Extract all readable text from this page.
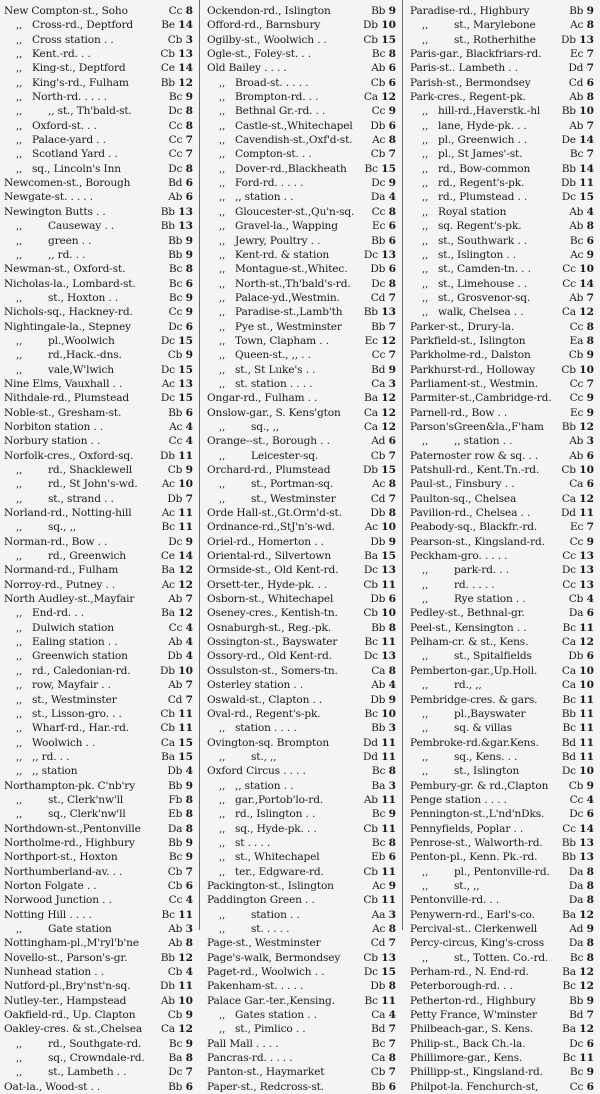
New Compton-st., Soho	Cc 8
,, Cross-rd., Deptford	Be 14
,, Cross station . .	Cb 3
,, Kent.-rd. . .	Cb 13
,, King-st., Deptford	Ce 14
,, King's-rd., Fulham	Bb 12
,, North-rd. . . . .	Bc 9
,,	,, st., Th'bald-st.	Dc 8
,, Oxford-st. . .	Cc 8
,, Palace-yard . .	Cc 7
,, Scotland Yard . .	Cc 7
,, sq., Lincoln's Inn	Dc 8
Newcomen-st., Borough	Bd 6
Newgate-st. . . . .	Ab 6
Newington Butts . .	Bb 13
,,	Causeway . .	Bb 13
,,	green . .	Bb 9
,,	,, rd. . .	Bb 9
Newman-st., Oxford-st.	Bc 8
Nicholas-la., Lombard-st.	Bc 6
,,	st., Hoxton . .	Bc 9
Nichols-sq., Hackney-rd.	Cc 9
Nightingale-la., Stepney	Dc 6
,,	pl.,Woolwich	Dc 15
,,	rd.,Hack.-dns.	Cb 9
,,	vale,W'lwich	Dc 15
Nine Elms, Vauxhall . .	Ac 13
Nithdale-rd., Plumstead	Dc 15
Noble-st., Gresham-st.	Bb 6
Norbiton station . .	Ac 4
Norbury station . .	Cc 4
Norfolk-cres., Oxford-sq.	Db 11
,,	rd., Shacklewell	Cb 9
,,	rd., St John's-wd.	Ac 10
,,	st., strand . .	Db 7
Norland-rd., Notting-hill	Ac 11
,,	sq., ,,	Bc 11
Norman-rd., Bow . .	Dc 9
,,	rd., Greenwich	Ce 14
Normand-rd., Fulham	Ba 12
Norroy-rd., Putney . .	Ac 12
North Audley-st.,Mayfair	Ab 7
,, End-rd. . .	Ba 12
,, Dulwich station	Cc 4
,, Ealing station . .	Ab 4
,, Greenwich station	Db 4
,, rd., Caledonian-rd.	Db 10
,, row, Mayfair . .	Ab 7
,, st., Westminster	Cd 7
,, st., Lisson-gro. . .	Cb 11
,, Wharf-rd., Har.-rd.	Cb 11
,, Woolwich . .	Ca 15
,, ,, rd. . .	Ba 15
,, ,, station	Db 4
Northampton-pk. C'nb'ry	Bb 9
,,	st., Clerk'nw'll	Fb 8
,,	sq., Clerk'nw'll	Eb 8
Northdown-st.,Pentonville	Da 8
Northolme-rd., Highbury	Bb 9
Northport-st., Hoxton	Bc 9
Northumberland-av. . .	Cb 7
Norton Folgate . .	Cb 6
Norwood Junction . .	Cc 4
Notting Hill . . . .	Bc 11
,,	Gate station	Ab 3
Nottingham-pl.,M'ryl'b'ne	Ab 8
Novello-st., Parson's-gr.	Bb 12
Nunhead station . .	Cb 4
Nutford-pl.,Bry'nst'n-sq.	Db 11
Nutley-ter., Hampstead	Ab 10
Oakfield-rd., Up. Clapton	Cb 9
Oakley-cres. & st.,Chelsea	Ca 12
,,	rd., Southgate-rd.	Bc 9
,,	sq., Crowndale-rd.	Ba 8
,,	st., Lambeth . .	Dc 7
Oat-la., Wood-st . .	Bb 6
Ockendon-rd., Islington	Bb 9
Offord-rd., Barnsbury	Db 10
Ogilby-st., Woolwich . .	Cb 15
Ogle-st., Foley-st. . .	Bc 8
Old Bailey . . . .	Ab 6
,, Broad-st. . . . .	Cb 6
,, Brompton-rd. . .	Ca 12
,, Bethnal Gr.-rd. . .	Cc 9
,, Castle-st.,Whitechapel	Db 6
,, Cavendish-st.,Oxf'd-st.	Ac 8
,, Compton-st. . .	Cb 7
,, Dover-rd.,Blackheath	Bc 15
,, Ford-rd. . . . .	Dc 9
,, ,, station . .	Da 4
,, Gloucester-st.,Qu'n-sq.	Cc 8
,, Gravel-la., Wapping	Ec 6
,, Jewry, Poultry . .	Bb 6
,, Kent-rd. & station	Dc 13
,, Montague-st.,Whitec.	Db 6
,, North-st.,Th'bald's-rd.	Dc 8
,, Palace-yd.,Westmin.	Cd 7
,, Paradise-st.,Lamb'th	Bb 13
,, Pye st., Westminster	Bb 7
,, Town, Clapham . .	Ec 12
,, Queen-st., ,, . .	Cc 7
,, st., St Luke's . .	Bd 9
,, st. station . . . .	Ca 3
Ongar-rd., Fulham . .	Ba 12
Onslow-gar., S. Kens'gton	Ca 12
,,	sq., ,,	Ca 12
Orange--st., Borough . .	Ad 6
,,	Leicester-sq.	Cb 7
Orchard-rd., Plumstead	Db 15
,,	st., Portman-sq.	Ac 8
,,	st., Westminster	Cd 7
Orde Hall-st.,Gt.Orm'd-st.	Db 8
Ordnance-rd.,StJ'n's-wd.	Ac 10
Oriel-rd., Homerton . .	Db 9
Oriental-rd., Silvertown	Ba 15
Ormside-st., Old Kent-rd.	Dc 13
Orsett-ter., Hyde-pk. . .	Cb 11
Osborn-st., Whitechapel	Db 6
Oseney-cres., Kentish-tn.	Cb 10
Osnaburgh-st., Reg.-pk.	Bb 8
Ossington-st., Bayswater	Bc 11
Ossory-rd., Old Kent-rd.	Dc 13
Ossulston-st., Somers-tn.	Ca 8
Osterley station . .	Ab 4
Oswald-st., Clapton . .	Db 9
Oval-rd., Regent's-pk.	Bc 10
,, station . . . .	Bb 3
Ovington-sq. Brompton	Dd 11
,,	st., ,,	Dd 11
Oxford Circus . . . .	Bc 8
,, ,, station . .	Ba 3
,, gar.,Portob'lo-rd.	Ab 11
,, rd., Islington . .	Bc 9
,, sq., Hyde-pk. . .	Cb 11
,, st . . . .	Bc 8
,, st., Whitechapel	Eb 6
,, ter., Edgware-rd.	Cb 11
Packington-st., Islington	Ac 9
Paddington Green . .	Cb 11
,,	station . .	Aa 3
,,	st. . . . .	Ac 8
Page-st., Westminster	Cd 7
Page's-walk, Bermondsey	Cb 13
Paget-rd., Woolwich . .	Dc 15
Pakenham-st. . . . .	Db 8
Palace Gar.-ter.,Kensing.	Bc 11
,, Gates station . .	Ca 4
,, st., Pimlico . .	Bd 7
Pall Mall . . . .	Bc 7
Pancras-rd. . . . .	Ca 8
Panton-st., Haymarket	Cb 7
Paper-st., Redcross-st.	Bb 6
Paradise-rd., Highbury	Bb 9
,,	st., Marylebone	Ac 8
,,	st., Rotherhithe	Db 13
Paris-gar., Blackfriars-rd.	Ec 7
Paris-st.. Lambeth . .	Dd 7
Parish-st., Bermondsey	Cd 6
Park-cres., Regent-pk.	Ab 8
,, hill-rd.,Haverstk.-hl	Bb 10
,, lane, Hyde-pk. . .	Ab 7
,, pl., Greenwich . .	De 14
,, pl., St James'-st.	Bc 7
,, rd., Bow-common	Bb 14
,, rd., Regent's-pk.	Db 11
,, rd., Plumstead . .	Dc 15
,, Royal station	Ab 4
,, sq. Regent's-pk.	Ab 8
,, st., Southwark . .	Bc 6
,, st., Islington . .	Ac 9
,, st., Camden-tn. . .	Cc 10
,, st., Limehouse . .	Cc 14
,, st., Grosvenor-sq.	Ab 7
,, walk, Chelsea . .	Ca 12
Parker-st., Drury-la.	Cc 8
Parkfield-st., Islington	Ea 8
Parkholme-rd., Dalston	Cb 9
Parkhurst-rd., Holloway	Cb 10
Parliament-st., Westmin.	Cc 7
Parmiter-st.,Cambridge-rd.	Cc 9
Parnell-rd., Bow . .	Ec 9
Parson'sGreen&la.,F'ham	Bb 12
,,	,, station . .	Ab 3
Paternoster row & sq. . .	Ab 6
Patshull-rd., Kent.Tn.-rd.	Cb 10
Paul-st., Finsbury . .	Ca 6
Paulton-sq., Chelsea	Ca 12
Pavilion-rd., Chelsea . .	Dd 11
Peabody-sq., Blackfr.-rd.	Ec 7
Pearson-st., Kingsland-rd.	Cc 9
Peckham-gro. . . . .	Cc 13
,,	park-rd. . .	Dc 13
,,	rd. . . . .	Cc 13
,,	Rye station . .	Cb 4
Pedley-st., Bethnal-gr.	Da 6
Peel-st., Kensington . .	Bc 11
Pelham-cr. & st., Kens.	Ca 12
,,	st., Spitalfields	Db 6
Pemberton-gar.,Up.Holl.	Ca 10
,,	rd., ,,	Ca 10
Pembridge-cres. & gars.	Bc 11
,,	pl.,Bayswater	Bb 11
,,	sq. & villas	Bc 11
Pembroke-rd.&gar.Kens.	Bd 11
,,	sq., Kens. . .	Bd 11
,,	st., Islington	Dc 10
Pembury-gr. & rd.,Clapton	Cb 9
Penge station . . . .	Cc 4
Pennington-st.,L'nd'nDks.	Dc 6
Pennyfields, Poplar . .	Cc 14
Penrose-st., Walworth-rd.	Bb 13
Penton-pl., Kenn. Pk.-rd.	Bb 13
,,	pl., Pentonville-rd.	Da 8
,,	st., ,,	Da 8
Pentonville-rd. . .	Da 8
Penywern-rd., Earl's-co.	Ba 12
Percival-st.. Clerkenwell	Ad 9
Percy-circus, King's-cross	Da 8
,,	st., Totten. Co.-rd.	Bc 8
Perham-rd., N. End-rd.	Ba 12
Peterborough-rd. . .	Bc 12
Petherton-rd., Highbury	Bb 9
Petty France, W'minster	Bd 7
Philbeach-gar., S. Kens.	Ba 12
Philip-st., Back Ch.-la.	Dc 6
Phillimore-gar., Kens.	Bc 11
Phillipp-st., Kingsland-rd.	Bc 9
Philpot-la. Fenchurch-st,	Cc 6
